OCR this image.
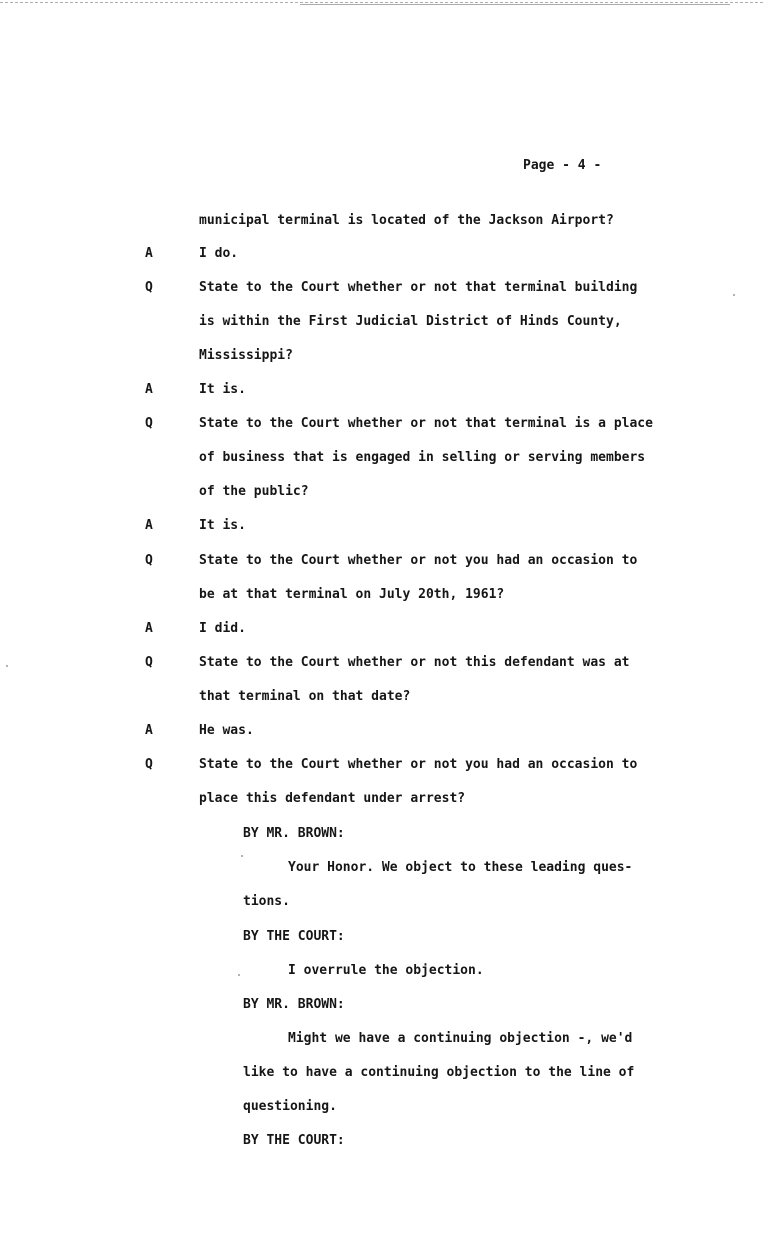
Page - 4 -
municipal terminal is located of the Jackson Airport?
A	I do.
Q	State to the Court whether or not that terminal building
is within the First Judicial District of Hinds County,
Mississippi?
A	It is.
Q	State to the Court whether or not that terminal is a place
of business that is engaged in selling or serving members
of the public?
A	It is.
Q	State to the Court whether or not you had an occasion to
be at that terminal on July 20th, 1961?
A	I did.
Q	State to the Court whether or not this defendant was at
that terminal on that date?
A	He was.
Q	State to the Court whether or not you had an occasion to
place this defendant under arrest?
BY MR. BROWN:
Your Honor. We object to these leading ques-
tions.
BY THE COURT:
I overrule the objection.
BY MR. BROWN:
Might we have a continuing objection -, we'd
like to have a continuing objection to the line of
questioning.
BY THE COURT:
